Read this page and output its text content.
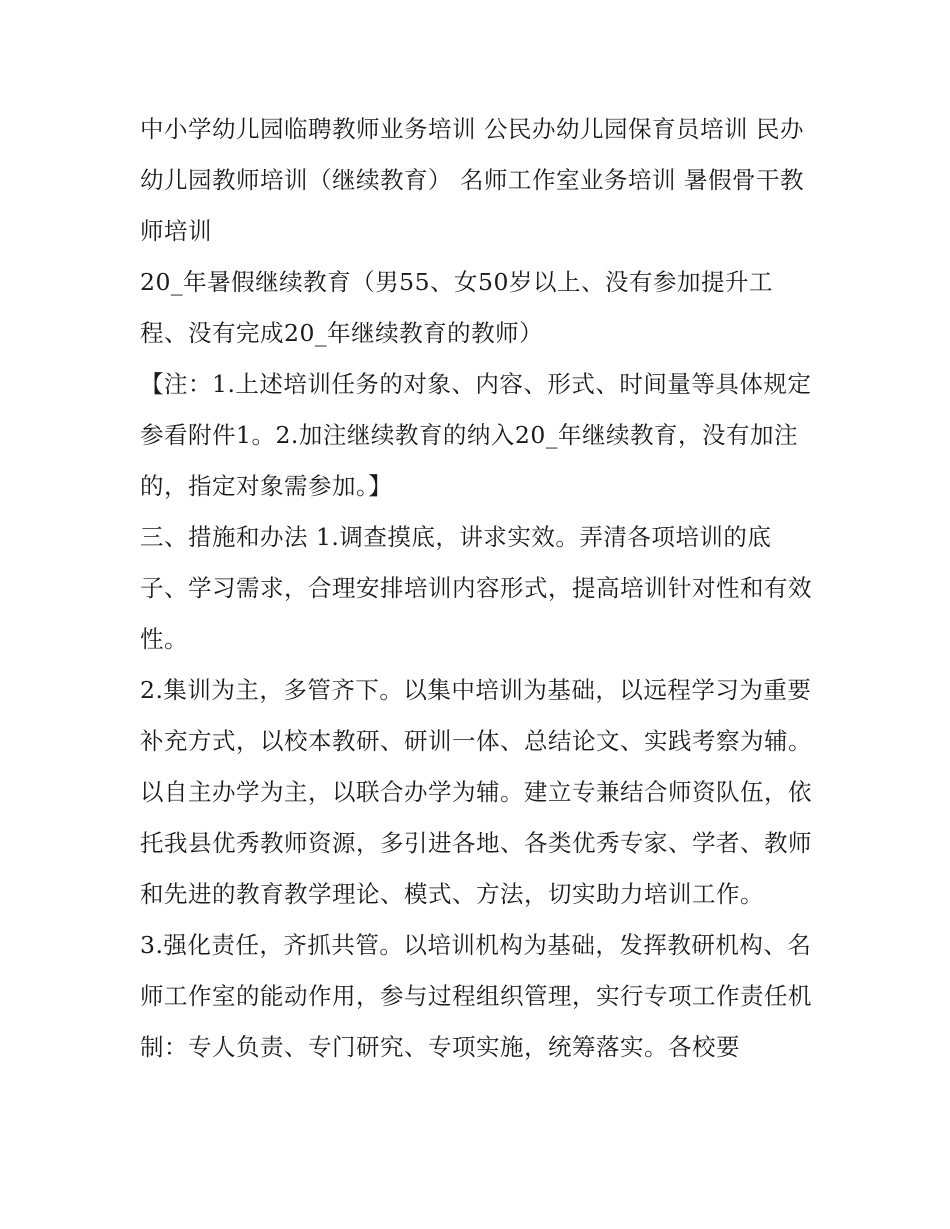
中小学幼儿园临聘教师业务培训 公民办幼儿园保育员培训 民办幼儿园教师培训（继续教育） 名师工作室业务培训 暑假骨干教师培训

20_年暑假继续教育（男55、女50岁以上、没有参加提升工程、没有完成20_年继续教育的教师）

【注：1.上述培训任务的对象、内容、形式、时间量等具体规定参看附件1。2.加注继续教育的纳入20_年继续教育，没有加注的，指定对象需参加。】

三、措施和办法 1.调查摸底，讲求实效。弄清各项培训的底子、学习需求，合理安排培训内容形式，提高培训针对性和有效性。

2.集训为主，多管齐下。以集中培训为基础，以远程学习为重要补充方式，以校本教研、研训一体、总结论文、实践考察为辅。以自主办学为主，以联合办学为辅。建立专兼结合师资队伍，依托我县优秀教师资源，多引进各地、各类优秀专家、学者、教师和先进的教育教学理论、模式、方法，切实助力培训工作。

3.强化责任，齐抓共管。以培训机构为基础，发挥教研机构、名师工作室的能动作用，参与过程组织管理，实行专项工作责任机制：专人负责、专门研究、专项实施，统筹落实。各校要
